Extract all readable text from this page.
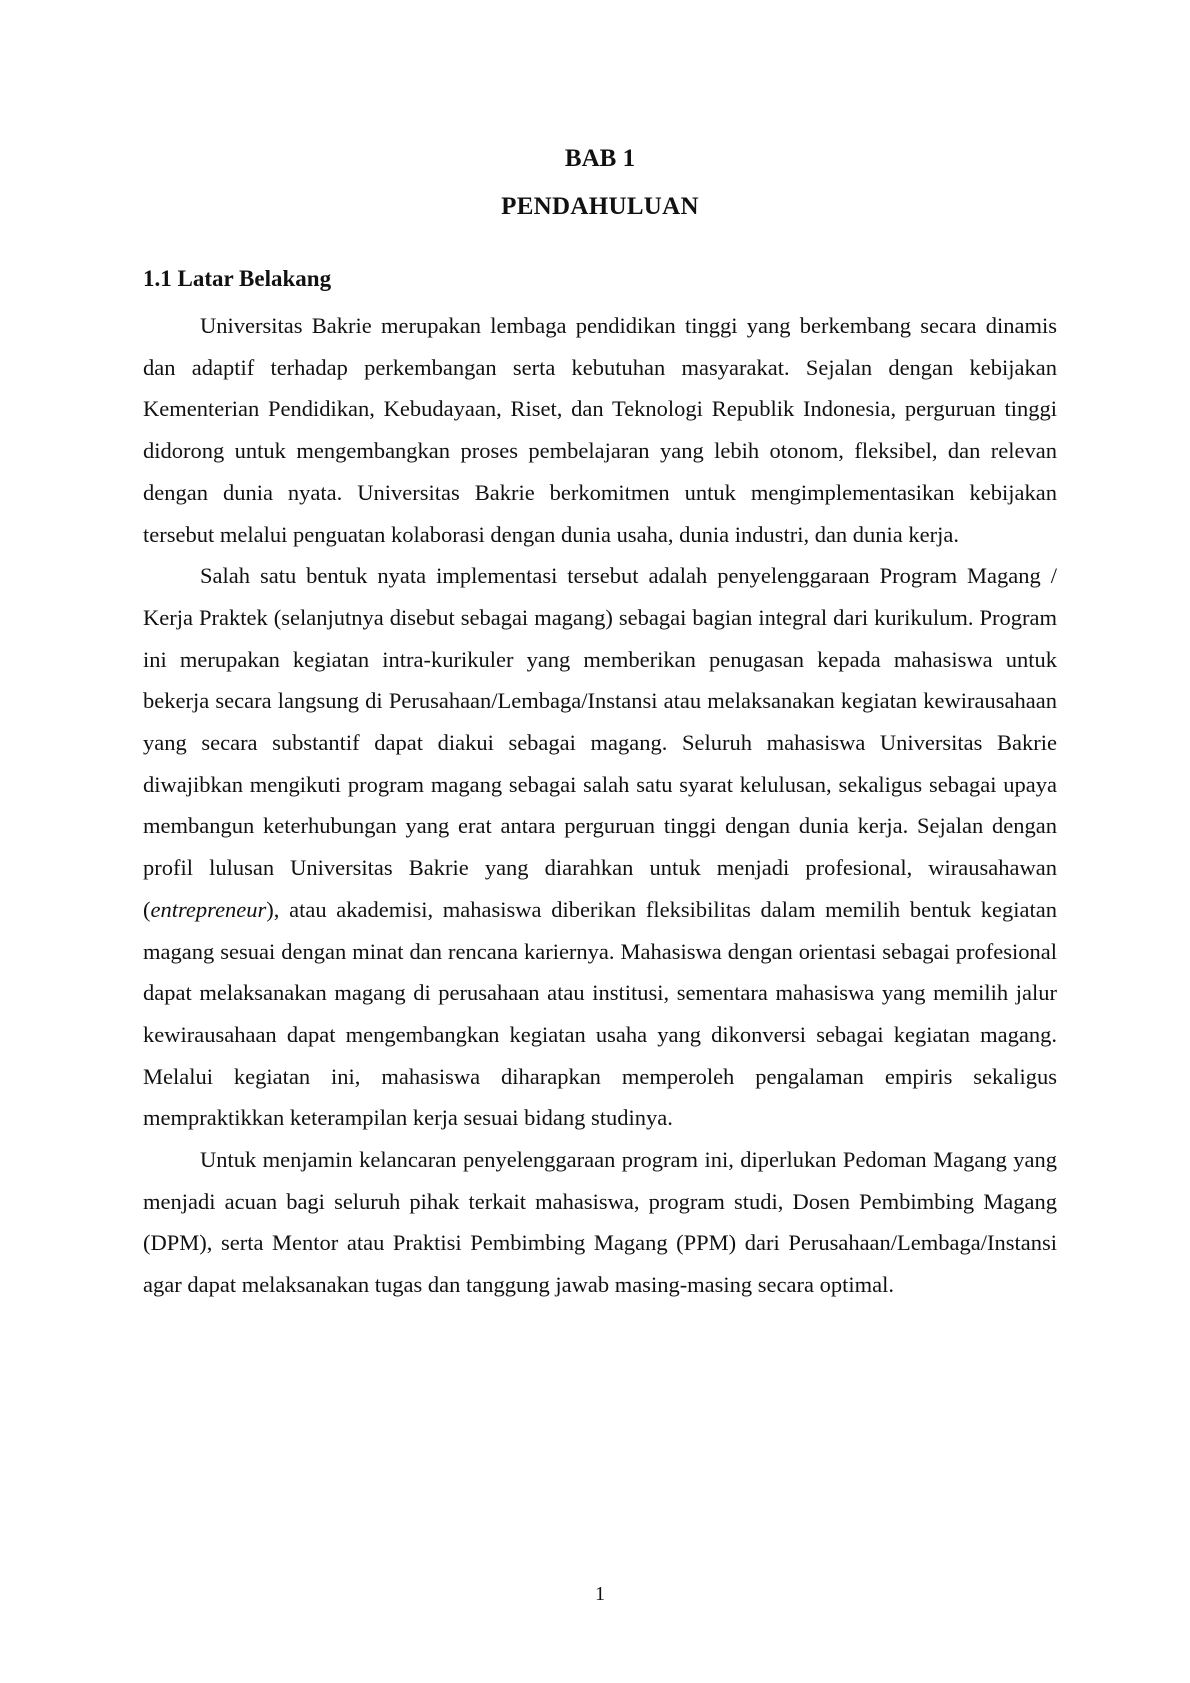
BAB 1
PENDAHULUAN
1.1 Latar Belakang

Universitas Bakrie merupakan lembaga pendidikan tinggi yang berkembang secara dinamis dan adaptif terhadap perkembangan serta kebutuhan masyarakat. Sejalan dengan kebijakan Kementerian Pendidikan, Kebudayaan, Riset, dan Teknologi Republik Indonesia, perguruan tinggi didorong untuk mengembangkan proses pembelajaran yang lebih otonom, fleksibel, dan relevan dengan dunia nyata. Universitas Bakrie berkomitmen untuk mengimplementasikan kebijakan tersebut melalui penguatan kolaborasi dengan dunia usaha, dunia industri, dan dunia kerja.

Salah satu bentuk nyata implementasi tersebut adalah penyelenggaraan Program Magang / Kerja Praktek (selanjutnya disebut sebagai magang) sebagai bagian integral dari kurikulum. Program ini merupakan kegiatan intra-kurikuler yang memberikan penugasan kepada mahasiswa untuk bekerja secara langsung di Perusahaan/Lembaga/Instansi atau melaksanakan kegiatan kewirausahaan yang secara substantif dapat diakui sebagai magang. Seluruh mahasiswa Universitas Bakrie diwajibkan mengikuti program magang sebagai salah satu syarat kelulusan, sekaligus sebagai upaya membangun keterhubungan yang erat antara perguruan tinggi dengan dunia kerja. Sejalan dengan profil lulusan Universitas Bakrie yang diarahkan untuk menjadi profesional, wirausahawan (entrepreneur), atau akademisi, mahasiswa diberikan fleksibilitas dalam memilih bentuk kegiatan magang sesuai dengan minat dan rencana kariernya. Mahasiswa dengan orientasi sebagai profesional dapat melaksanakan magang di perusahaan atau institusi, sementara mahasiswa yang memilih jalur kewirausahaan dapat mengembangkan kegiatan usaha yang dikonversi sebagai kegiatan magang. Melalui kegiatan ini, mahasiswa diharapkan memperoleh pengalaman empiris sekaligus mempraktikkan keterampilan kerja sesuai bidang studinya.

Untuk menjamin kelancaran penyelenggaraan program ini, diperlukan Pedoman Magang yang menjadi acuan bagi seluruh pihak terkait mahasiswa, program studi, Dosen Pembimbing Magang (DPM), serta Mentor atau Praktisi Pembimbing Magang (PPM) dari Perusahaan/Lembaga/Instansi agar dapat melaksanakan tugas dan tanggung jawab masing-masing secara optimal.

1
